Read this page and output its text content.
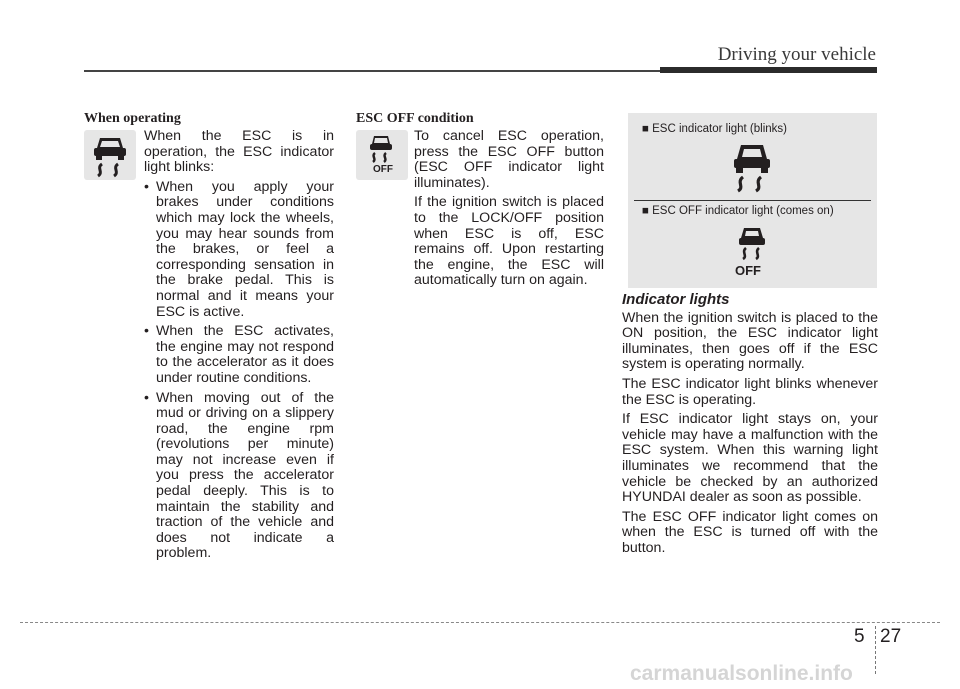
Driving your vehicle
When operating

When the ESC is in operation, the ESC indicator light blinks:

• When you apply your brakes under conditions which may lock the wheels, you may hear sounds from the brakes, or feel a corresponding sensation in the brake pedal. This is normal and it means your ESC is active.
• When the ESC activates, the engine may not respond to the accelerator as it does under routine conditions.
• When moving out of the mud or driving on a slippery road, the engine rpm (revolutions per minute) may not increase even if you press the accelerator pedal deeply. This is to maintain the stability and traction of the vehicle and does not indicate a problem.
ESC OFF condition
OFF

To cancel ESC operation, press the ESC OFF button (ESC OFF indicator light illuminates).

If the ignition switch is placed to the LOCK/OFF position when ESC is off, ESC remains off. Upon restarting the engine, the ESC will automatically turn on again.

■ ESC indicator light (blinks)
■ ESC OFF indicator light (comes on)
OFF
Indicator lights

When the ignition switch is placed to the ON position, the ESC indicator light illuminates, then goes off if the ESC system is operating normally.

The ESC indicator light blinks whenever the ESC is operating.

If ESC indicator light stays on, your vehicle may have a malfunction with the ESC system. When this warning light illuminates we recommend that the vehicle be checked by an authorized HYUNDAI dealer as soon as possible.

The ESC OFF indicator light comes on when the ESC is turned off with the button.

5 27
carmanualsonline.info
